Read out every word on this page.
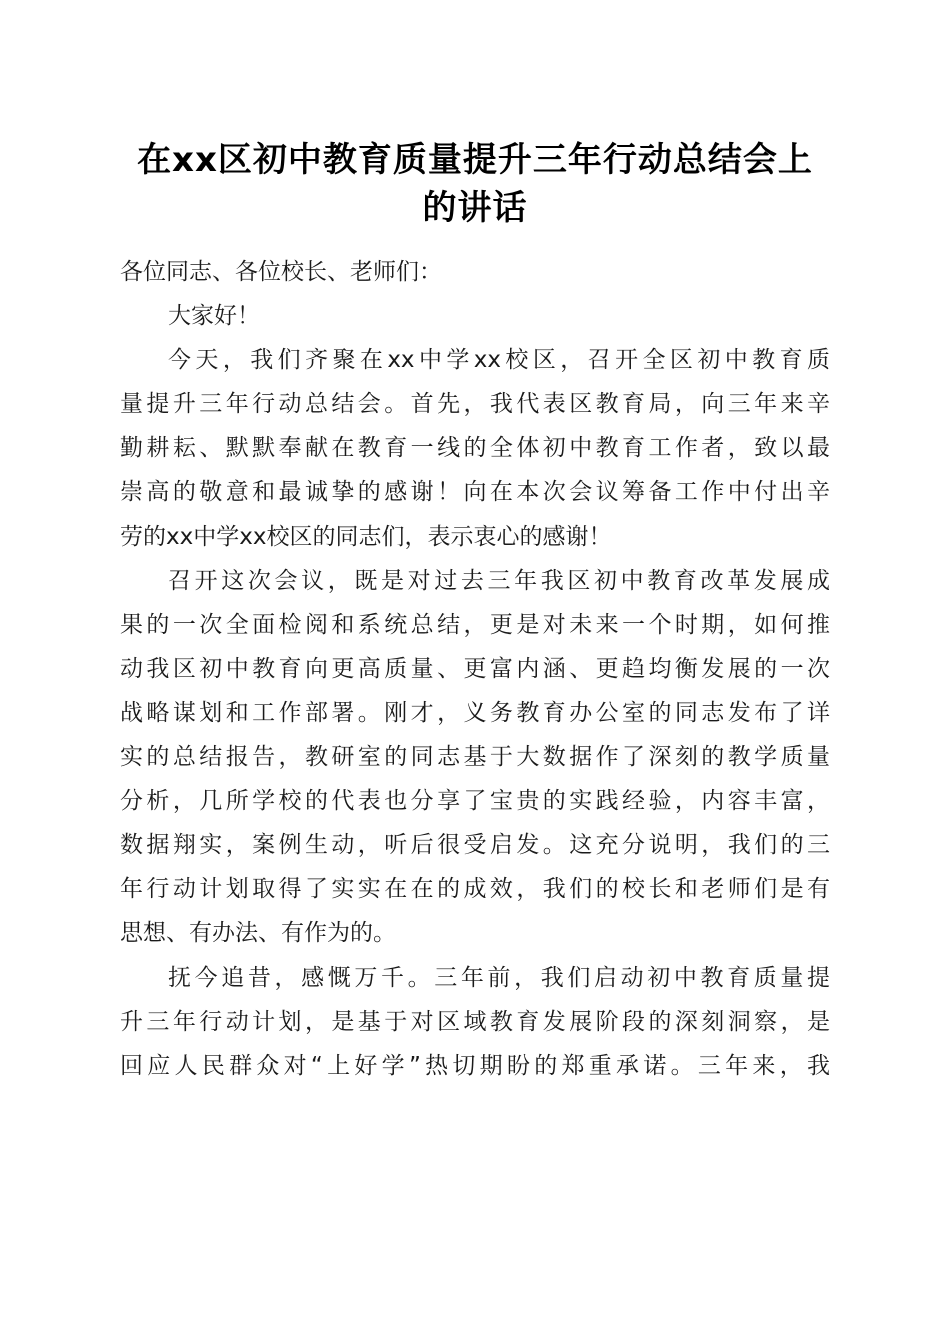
在xx区初中教育质量提升三年行动总结会上
的讲话
各位同志、各位校长、老师们：
大家好！
今天，我们齐聚在xx中学xx校区，召开全区初中教育质
量提升三年行动总结会。首先，我代表区教育局，向三年来辛
勤耕耘、默默奉献在教育一线的全体初中教育工作者，致以最
崇高的敬意和最诚挚的感谢！向在本次会议筹备工作中付出辛
劳的xx中学xx校区的同志们，表示衷心的感谢！
召开这次会议，既是对过去三年我区初中教育改革发展成
果的一次全面检阅和系统总结，更是对未来一个时期，如何推
动我区初中教育向更高质量、更富内涵、更趋均衡发展的一次
战略谋划和工作部署。刚才，义务教育办公室的同志发布了详
实的总结报告，教研室的同志基于大数据作了深刻的教学质量
分析，几所学校的代表也分享了宝贵的实践经验，内容丰富，
数据翔实，案例生动，听后很受启发。这充分说明，我们的三
年行动计划取得了实实在在的成效，我们的校长和老师们是有
思想、有办法、有作为的。
抚今追昔，感慨万千。三年前，我们启动初中教育质量提
升三年行动计划，是基于对区域教育发展阶段的深刻洞察，是
回应人民群众对“上好学”热切期盼的郑重承诺。三年来，我
